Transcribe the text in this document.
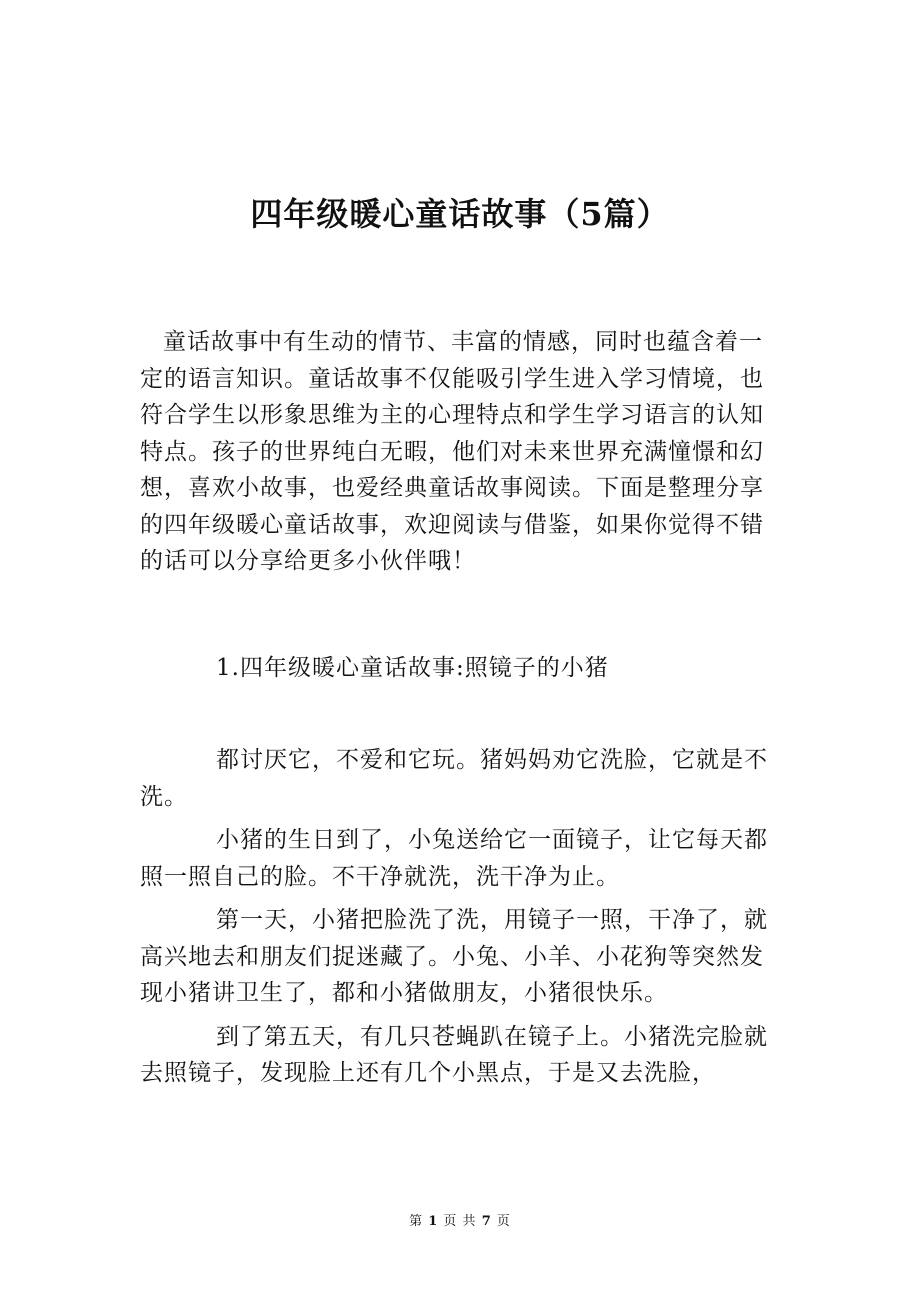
四年级暖心童话故事（5篇）

童话故事中有生动的情节、丰富的情感，同时也蕴含着一定的语言知识。童话故事不仅能吸引学生进入学习情境，也符合学生以形象思维为主的心理特点和学生学习语言的认知特点。孩子的世界纯白无暇，他们对未来世界充满憧憬和幻想，喜欢小故事，也爱经典童话故事阅读。下面是整理分享的四年级暖心童话故事，欢迎阅读与借鉴，如果你觉得不错的话可以分享给更多小伙伴哦！

1.四年级暖心童话故事:照镜子的小猪

都讨厌它，不爱和它玩。猪妈妈劝它洗脸，它就是不洗。

小猪的生日到了，小兔送给它一面镜子，让它每天都照一照自己的脸。不干净就洗，洗干净为止。

第一天，小猪把脸洗了洗，用镜子一照，干净了，就高兴地去和朋友们捉迷藏了。小兔、小羊、小花狗等突然发现小猪讲卫生了，都和小猪做朋友，小猪很快乐。

到了第五天，有几只苍蝇趴在镜子上。小猪洗完脸就去照镜子，发现脸上还有几个小黑点，于是又去洗脸，

第 1 页 共 7 页
